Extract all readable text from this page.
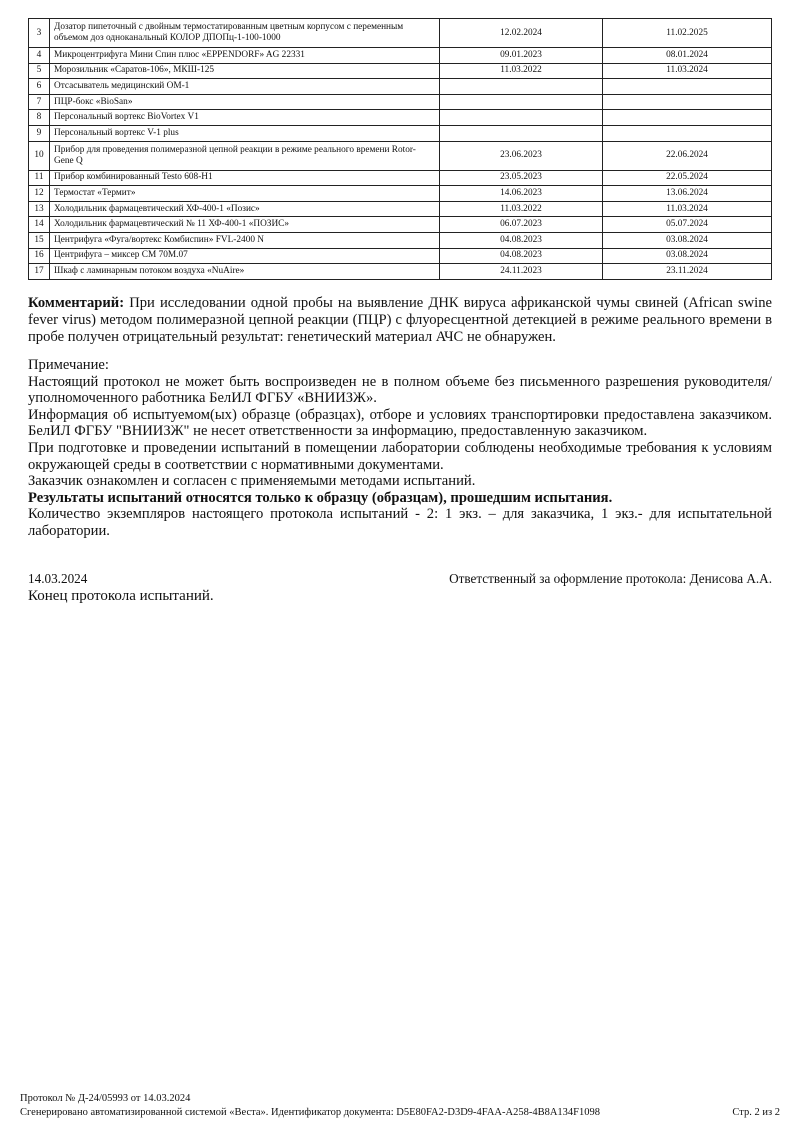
3	Дозатор пипеточный с двойным термостатированным цветным корпусом с переменным объемом доз одноканальный КОЛОР ДПОПц-1-100-1000	12.02.2024	11.02.2025
4	Микроцентрифуга Мини Спин плюс «EPPENDORF» AG 22331	09.01.2023	08.01.2024
5	Морозильник «Саратов-106», МКШ-125	11.03.2022	11.03.2024
6	Отсасыватель медицинский ОМ-1		
7	ПЦР-бокс «BioSan»		
8	Персональный вортекс BioVortex V1		
9	Персональный вортекс V-1 plus		
10	Прибор для проведения полимеразной цепной реакции в режиме реального времени Rotor-Gene Q	23.06.2023	22.06.2024
11	Прибор комбинированный Testo 608-H1	23.05.2023	22.05.2024
12	Термостат «Термит»	14.06.2023	13.06.2024
13	Холодильник фармацевтический ХФ-400-1 «Позис»	11.03.2022	11.03.2024
14	Холодильник фармацевтический № 11 ХФ-400-1 «ПОЗИС»	06.07.2023	05.07.2024
15	Центрифуга «Фуга/вортекс Комбиспин» FVL-2400 N	04.08.2023	03.08.2024
16	Центрифуга – миксер СМ 70М.07	04.08.2023	03.08.2024
17	Шкаф с ламинарным потоком воздуха «NuAire»	24.11.2023	23.11.2024
Комментарий: При исследовании одной пробы на выявление ДНК вируса африканской чумы свиней (African swine fever virus) методом полимеразной цепной реакции (ПЦР) с флуоресцентной детекцией в режиме реального времени в пробе получен отрицательный результат: генетический материал АЧС не обнаружен.

Примечание:

Настоящий протокол не может быть воспроизведен не в полном объеме без письменного разрешения руководителя/уполномоченного работника БелИЛ ФГБУ «ВНИИЗЖ».

Информация об испытуемом(ых) образце (образцах), отборе и условиях транспортировки предоставлена заказчиком. БелИЛ ФГБУ "ВНИИЗЖ" не несет ответственности за информацию, предоставленную заказчиком.

При подготовке и проведении испытаний в помещении лаборатории соблюдены необходимые требования к условиям окружающей среды в соответствии с нормативными документами.

Заказчик ознакомлен и согласен с применяемыми методами испытаний.

Результаты испытаний относятся только к образцу (образцам), прошедшим испытания.

Количество экземпляров настоящего протокола испытаний - 2: 1 экз. – для заказчика, 1 экз.- для испытательной лаборатории.

14.03.2024	Ответственный за оформление протокола: Денисова А.А.
Конец протокола испытаний.
Протокол № Д-24/05993 от 14.03.2024
Сгенерировано автоматизированной системой «Веста». Идентификатор документа: D5E80FA2-D3D9-4FAA-A258-4B8A134F1098	Стр. 2 из 2
